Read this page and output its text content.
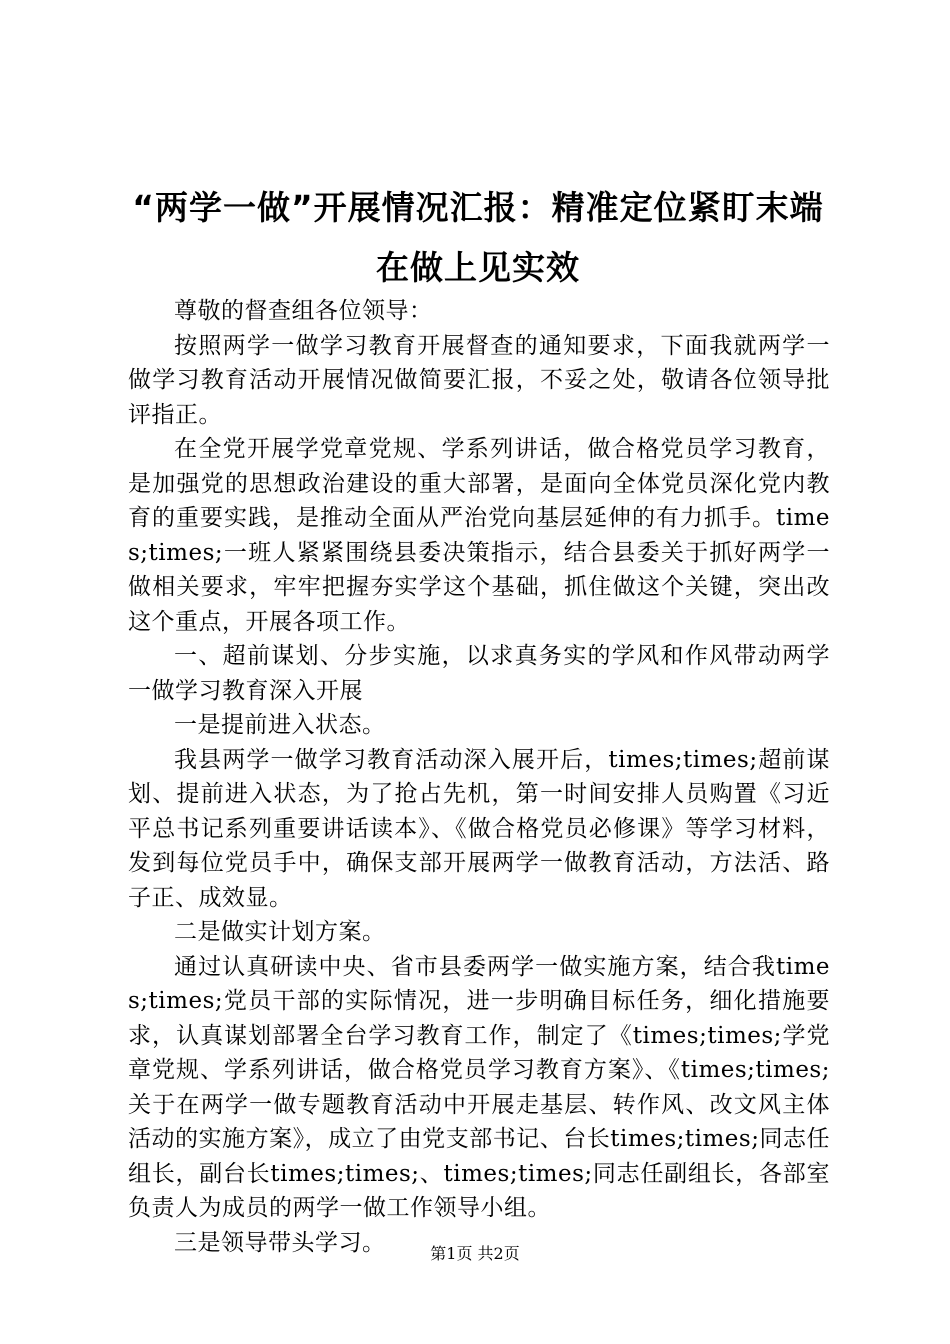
“两学一做”开展情况汇报：精准定位紧盯末端在做上见实效

尊敬的督查组各位领导：

按照两学一做学习教育开展督查的通知要求，下面我就两学一做学习教育活动开展情况做简要汇报，不妥之处，敬请各位领导批评指正。

在全党开展学党章党规、学系列讲话，做合格党员学习教育，是加强党的思想政治建设的重大部署，是面向全体党员深化党内教育的重要实践，是推动全面从严治党向基层延伸的有力抓手。times;times;一班人紧紧围绕县委决策指示，结合县委关于抓好两学一做相关要求，牢牢把握夯实学这个基础，抓住做这个关键，突出改这个重点，开展各项工作。

一、超前谋划、分步实施，以求真务实的学风和作风带动两学一做学习教育深入开展

一是提前进入状态。

我县两学一做学习教育活动深入展开后，times;times;超前谋划、提前进入状态，为了抢占先机，第一时间安排人员购置《习近平总书记系列重要讲话读本》、《做合格党员必修课》等学习材料，发到每位党员手中，确保支部开展两学一做教育活动，方法活、路子正、成效显。

二是做实计划方案。

通过认真研读中央、省市县委两学一做实施方案，结合我times;times;党员干部的实际情况，进一步明确目标任务，细化措施要求，认真谋划部署全台学习教育工作，制定了《times;times;学党章党规、学系列讲话，做合格党员学习教育方案》、《times;times;关于在两学一做专题教育活动中开展走基层、转作风、改文风主体活动的实施方案》，成立了由党支部书记、台长times;times;同志任组长，副台长times;times;、times;times;同志任副组长，各部室负责人为成员的两学一做工作领导小组。

三是领导带头学习。	第1页 共2页
